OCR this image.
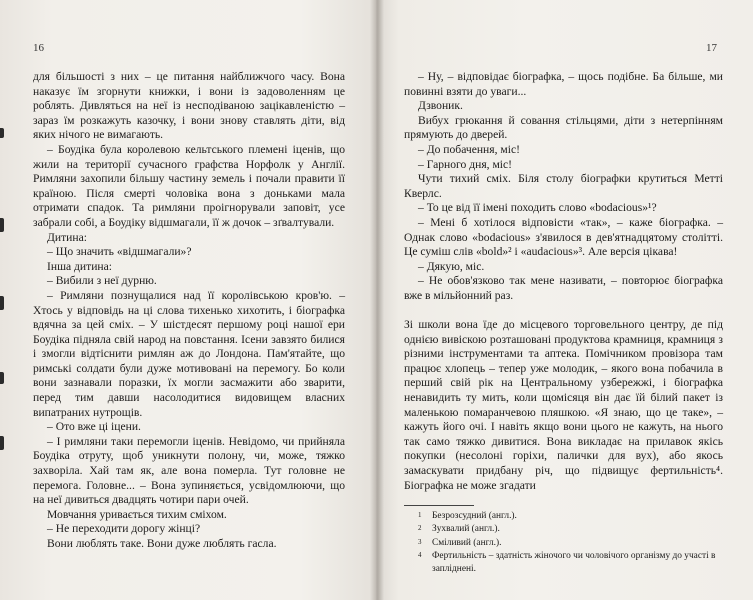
16

для більшості з них – це питання найближчого часу. Вона наказує їм згорнути книжки, і вони із задоволенням це роблять. Дивляться на неї із несподіваною зацікавленістю – зараз їм розкажуть казочку, і вони знову ставлять діти, від яких нічого не вимагають.

– Боудіка була королевою кельтського племені іценів, що жили на території сучасного графства Норфолк у Англії. Римляни захопили більшу частину земель і почали правити її країною. Після смерті чоловіка вона з доньками мала отримати спадок. Та римляни проігнорували заповіт, усе забрали собі, а Боудіку відшмагали, її ж дочок – зґвалтували.

Дитина:

– Що значить «відшмагали»?

Інша дитина:

– Вибили з неї дурню.

– Римляни познущалися над її королівською кров'ю. – Хтось у відповідь на ці слова тихенько хихотить, і біографка вдячна за цей сміх. – У шістдесят першому році нашої ери Боудіка підняла свій народ на повстання. Ісени завзято билися і змогли відтіснити римлян аж до Лондона. Пам'ятайте, що римські солдати були дуже мотивовані на перемогу. Бо коли вони зазнавали поразки, їх могли засмажити або зварити, перед тим давши насолодитися видовищем власних випатраних нутрощів.

– Ото вже ці іцени.

– І римляни таки перемогли іценів. Невідомо, чи прийняла Боудіка отруту, щоб уникнути полону, чи, може, тяжко захворіла. Хай там як, але вона померла. Тут головне не перемога. Головне... – Вона зупиняється, усвідомлюючи, що на неї дивиться двадцять чотири пари очей.

Мовчання уривається тихим сміхом.

– Не переходити дорогу жінці?

Вони люблять таке. Вони дуже люблять гасла.

17

– Ну, – відповідає біографка, – щось подібне. Ба більше, ми повинні взяти до уваги...

Дзвоник.

Вибух грюкання й совання стільцями, діти з нетерпінням прямують до дверей.

– До побачення, міс!

– Гарного дня, міс!

Чути тихий сміх. Біля столу біографки крутиться Метті Кверлс.

– То це від її імені походить слово «bodacious»¹?

– Мені б хотілося відповісти «так», – каже біографка. – Однак слово «bodacious» з'явилося в дев'ятнадцятому столітті. Це суміш слів «bold»² і «audacious»³. Але версія цікава!

– Дякую, міс.

– Не обов'язково так мене називати, – повторює біографка вже в мільйонний раз.

Зі школи вона їде до місцевого торговельного центру, де під однією вивіскою розташовані продуктова крамниця, крамниця з різними інструментами та аптека. Помічником провізора там працює хлопець – тепер уже молодик, – якого вона побачила в перший свій рік на Центральному узбережжі, і біографка ненавидить ту мить, коли щомісяця він дає їй білий пакет із маленькою помаранчевою пляшкою. «Я знаю, що це таке», – кажуть його очі. І навіть якщо вони цього не кажуть, на нього так само тяжко дивитися. Вона викладає на прилавок якісь покупки (несолоні горіхи, палички для вух), або якось замаскувати придбану річ, що підвищує фертильність⁴. Біографка не може згадати

1	Безрозсудний (англ.).
2	Зухвалий (англ.).
3	Сміливий (англ.).
4	Фертильність – здатність жіночого чи чоловічого організму до участі в запліднені.
